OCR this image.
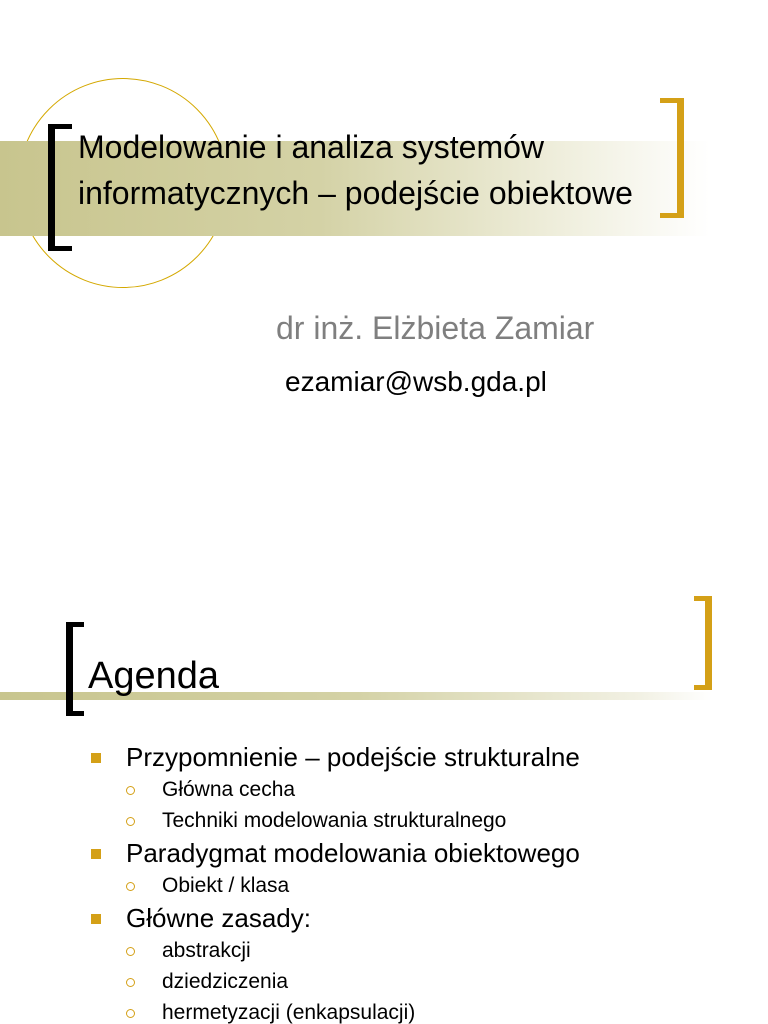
Modelowanie i analiza systemów informatycznych – podejście obiektowe

dr inż. Elżbieta Zamiar

ezamiar@wsb.gda.pl

Agenda
Przypomnienie – podejście strukturalne
Główna cecha
Techniki modelowania strukturalnego
Paradygmat modelowania obiektowego
Obiekt / klasa
Główne zasady:
abstrakcji
dziedziczenia
hermetyzacji (enkapsulacji)
